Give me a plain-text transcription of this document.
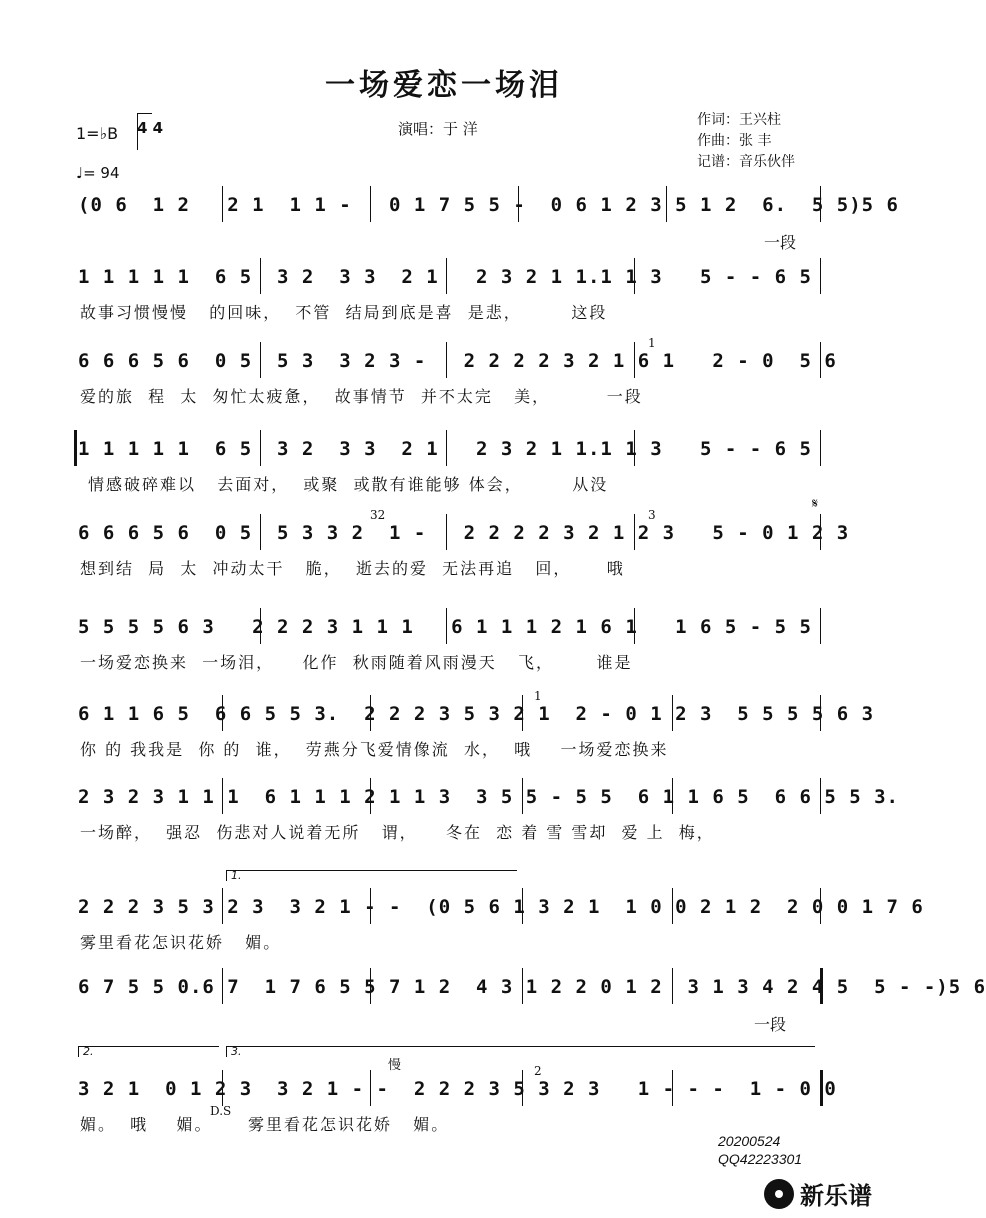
一场爱恋一场泪
1=♭B 4 4
♩= 94
演唱：于 洋	作词：王兴柱
作曲：张 丰
记谱：音乐伙伴
(0 6  1 2   2 1  1 1 -   0 1 7 5 5 -  0 6 1 2 3 5 1 2  6.  5 5)5 6
一段
1 1 1 1 1  6 5  3 2  3 3  2 1   2 3 2 1 1.1 1 3   5 - - 6 5
故事习惯慢慢   的回味，  不管  结局到底是喜  是悲，       这段
6 6 6 5 6  0 5  5 3  3 2 3 -   2 2 2 2 3 2 1 6 1   2 - 0  5 6
1
爱的旅  程  太  匆忙太疲惫，  故事情节  并不太完   美，        一段
1 1 1 1 1  6 5  3 2  3 3  2 1   2 3 2 1 1.1 1 3   5 - - 6 5
情感破碎难以   去面对，  或聚  或散有谁能够 体会，       从没
6 6 6 5 6  0 5  5 3 3 2  1 -   2 2 2 2 3 2 1 2 3   5 - 0 1 2 3
32	3
想到结  局  太  冲动太干   脆，  逝去的爱  无法再追   回，     哦
𝄋
5 5 5 5 6 3   2 2 2 3 1 1 1   6 1 1 1 2 1 6 1   1 6 5 - 5 5
一场爱恋换来  一场泪，    化作  秋雨随着风雨漫天   飞，      谁是
6 1 1 6 5  6 6 5 5 3.  2 2 2 3 5 3 2 1  2 - 0 1 2 3  5 5 5 5 6 3
1
你 的 我我是  你 的  谁，  劳燕分飞爱情像流  水，  哦    一场爱恋换来
2 3 2 3 1 1 1  6 1 1 1 2 1 1 3  3 5 5 - 5 5  6 1 1 6 5  6 6 5 5 3.
一场醉，  强忍  伤悲对人说着无所   谓，    冬在  恋 着 雪 雪却  爱 上  梅，
1.
2 2 2 3 5 3 2 3  3 2 1 - -  (0 5 6 1 3 2 1  1 0 0 2 1 2  2 0 0 1 7 6
雾里看花怎识花娇   媚。
6 7 5 5 0.6 7  1 7 6 5 5 7 1 2  4 3 1 2 2 0 1 2  3 1 3 4 2 4 5  5 - -)5 6
一段
2.	3.
慢
3 2 1  0 1 2 3  3 2 1 - -  2 2 2 3 5 3 2 3   1 - - -  1 - 0 0
2
媚。  哦    媚。     雾里看花怎识花娇   媚。
D.S
20200524
QQ42223301
新乐谱
